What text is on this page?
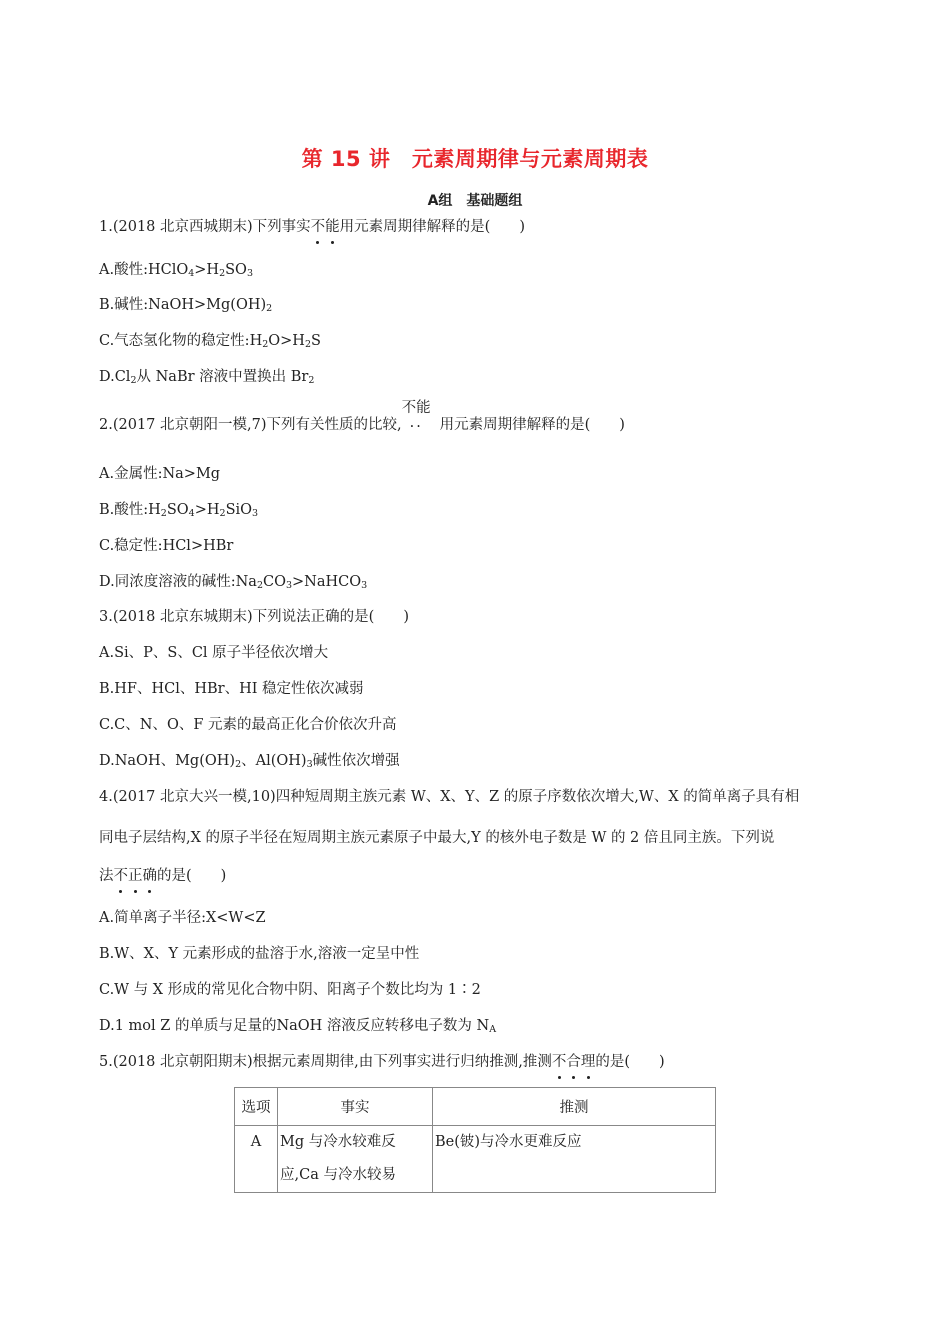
第 15 讲　元素周期律与元素周期表
A组　基础题组
1.(2018 北京西城期末)下列事实不能用元素周期律解释的是(　　)
A.酸性$:HClO_4>H_2SO_3$
B.碱性$:NaOH>Mg(OH)_2$
C.气态氢化物的稳定性$:H_2O>H_2S$
$D.Cl_2$从 NaBr 溶液中置换出 $Br_2$
2.(2017 北京朝阳一模,7)下列有关性质的比较,
不能
·· 用元素周期律解释的是(　　)
A.金属性:Na>Mg
B.酸性$:H_2SO_4>H_2SiO_3$
C.稳定性:HCl>HBr
D.同浓度溶液的碱性$:Na_2CO_3>NaHCO_3$
3.(2018 北京东城期末)下列说法正确的是(　　)
A.Si、P、S、Cl 原子半径依次增大
B.HF、HCl、HBr、HI 稳定性依次减弱
C.C、N、O、F 元素的最高正化合价依次升高
D.NaOH、$Mg(OH)_2$、$Al(OH)_3$碱性依次增强
4.(2017 北京大兴一模,10)四种短周期主族元素 W、X、Y、Z 的原子序数依次增大,W、X 的简单离子具有相
同电子层结构,X 的原子半径在短周期主族元素原子中最大,Y 的核外电子数是 W 的 2 倍且同主族。下列说
法不正确的是(　　)
A.简单离子半径:X<W<Z
B.W、X、Y 元素形成的盐溶于水,溶液一定呈中性
C.W 与 X 形成的常见化合物中阴、阳离子个数比均为 1∶2
D.1 mol Z 的单质与足量的NaOH 溶液反应转移电子数为 $N_A$
5.(2018 北京朝阳期末)根据元素周期律,由下列事实进行归纳推测,推测不合理的是(　　)
选项	事实	推测
A	Mg 与冷水较难反
应,Ca 与冷水较易	Be(铍)与冷水更难反应
